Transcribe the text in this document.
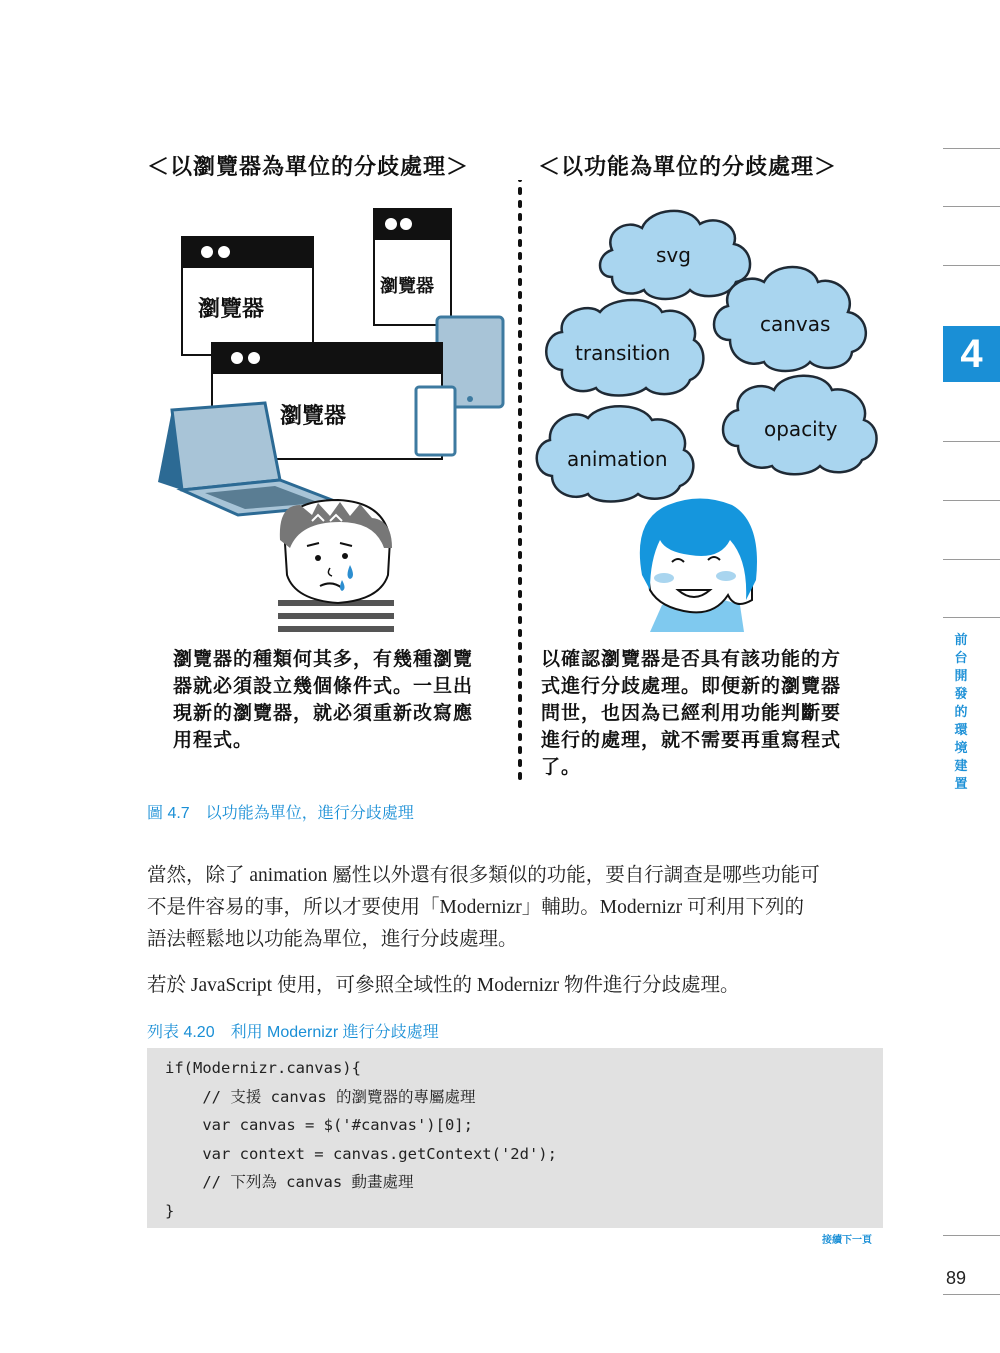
＜以瀏覽器為單位的分歧處理＞	＜以功能為單位的分歧處理＞
svg
canvas
transition
opacity
animation
瀏覽器
瀏覽器
瀏覽器
瀏覽器的種類何其多，有幾種瀏覽
器就必須設立幾個條件式。一旦出
現新的瀏覽器，就必須重新改寫應
用程式。
以確認瀏覽器是否具有該功能的方
式進行分歧處理。即便新的瀏覽器
問世，也因為已經利用功能判斷要
進行的處理，就不需要再重寫程式
了。
圖 4.7　以功能為單位，進行分歧處理
當然，除了 animation 屬性以外還有很多類似的功能，要自行調查是哪些功能可
不是件容易的事，所以才要使用「Modernizr」輔助。Modernizr 可利用下列的
語法輕鬆地以功能為單位，進行分歧處理。
若於 JavaScript 使用，可參照全域性的 Modernizr 物件進行分歧處理。
列表 4.20　利用 Modernizr 進行分歧處理
if(Modernizr.canvas){
// 支援 canvas 的瀏覽器的專屬處理
var canvas = $('#canvas')[0];
var context = canvas.getContext('2d');
// 下列為 canvas 動畫處理
}
接續下一頁
4
前台開發的環境建置
89
